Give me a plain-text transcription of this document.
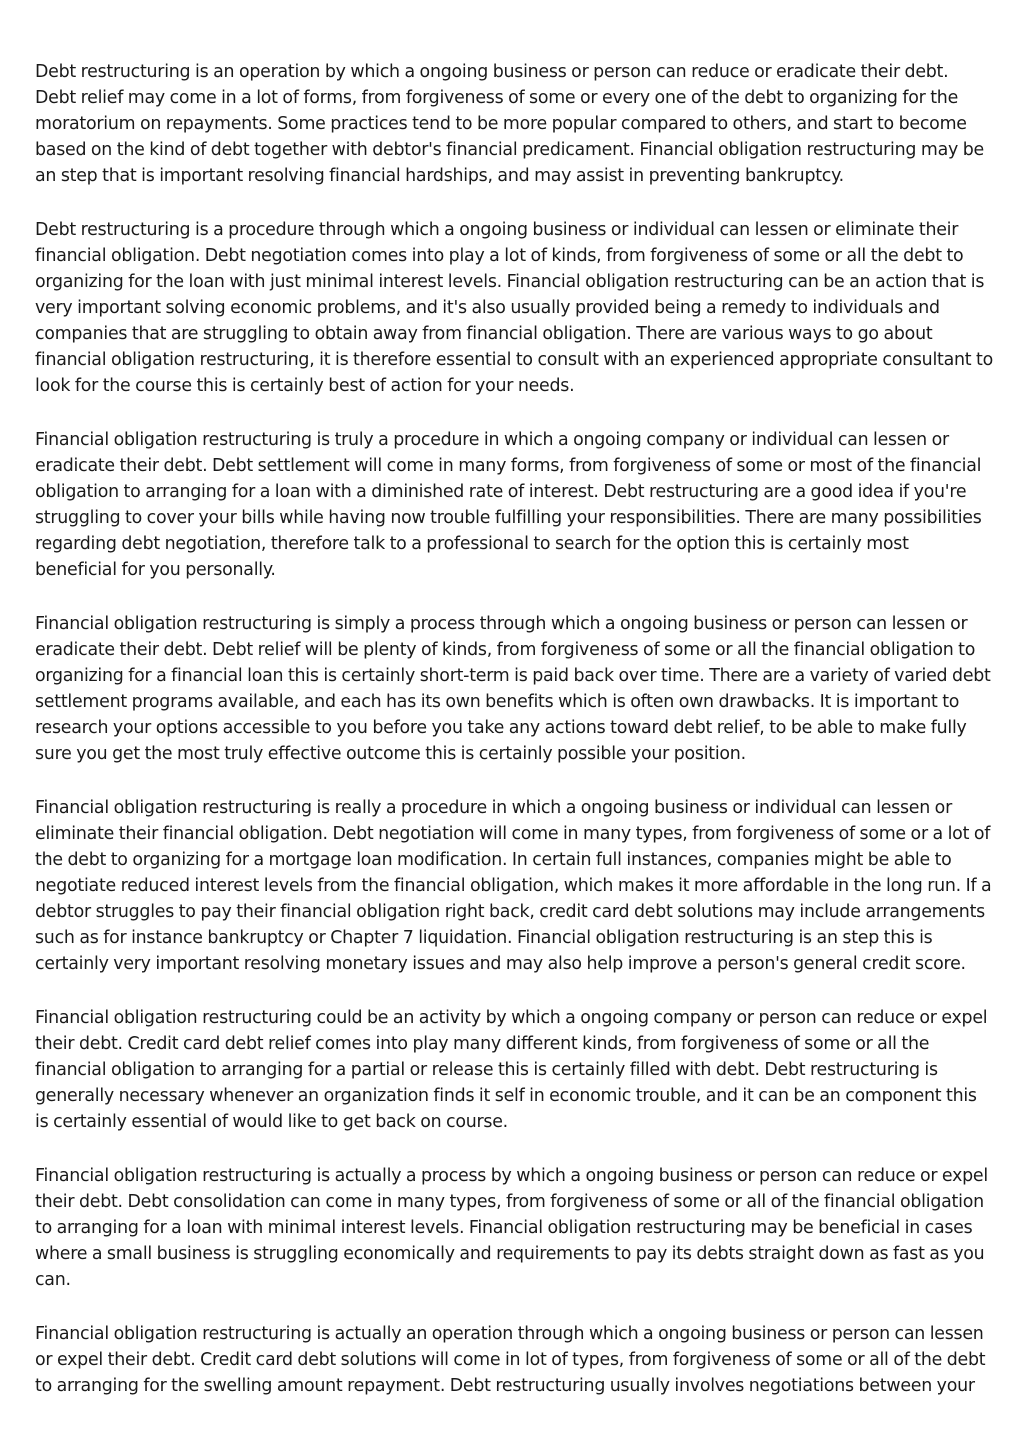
Debt restructuring is an operation by which a ongoing business or person can reduce or eradicate their debt. Debt relief may come in a lot of forms, from forgiveness of some or every one of the debt to organizing for the moratorium on repayments. Some practices tend to be more popular compared to others, and start to become based on the kind of debt together with debtor's financial predicament. Financial obligation restructuring may be an step that is important resolving financial hardships, and may assist in preventing bankruptcy.

Debt restructuring is a procedure through which a ongoing business or individual can lessen or eliminate their financial obligation. Debt negotiation comes into play a lot of kinds, from forgiveness of some or all the debt to organizing for the loan with just minimal interest levels. Financial obligation restructuring can be an action that is very important solving economic problems, and it's also usually provided being a remedy to individuals and companies that are struggling to obtain away from financial obligation. There are various ways to go about financial obligation restructuring, it is therefore essential to consult with an experienced appropriate consultant to look for the course this is certainly best of action for your needs.

Financial obligation restructuring is truly a procedure in which a ongoing company or individual can lessen or eradicate their debt. Debt settlement will come in many forms, from forgiveness of some or most of the financial obligation to arranging for a loan with a diminished rate of interest. Debt restructuring are a good idea if you're struggling to cover your bills while having now trouble fulfilling your responsibilities. There are many possibilities regarding debt negotiation, therefore talk to a professional to search for the option this is certainly most beneficial for you personally.

Financial obligation restructuring is simply a process through which a ongoing business or person can lessen or eradicate their debt. Debt relief will be plenty of kinds, from forgiveness of some or all the financial obligation to organizing for a financial loan this is certainly short-term is paid back over time. There are a variety of varied debt settlement programs available, and each has its own benefits which is often own drawbacks. It is important to research your options accessible to you before you take any actions toward debt relief, to be able to make fully sure you get the most truly effective outcome this is certainly possible your position.

Financial obligation restructuring is really a procedure in which a ongoing business or individual can lessen or eliminate their financial obligation. Debt negotiation will come in many types, from forgiveness of some or a lot of the debt to organizing for a mortgage loan modification. In certain full instances, companies might be able to negotiate reduced interest levels from the financial obligation, which makes it more affordable in the long run. If a debtor struggles to pay their financial obligation right back, credit card debt solutions may include arrangements such as for instance bankruptcy or Chapter 7 liquidation. Financial obligation restructuring is an step this is certainly very important resolving monetary issues and may also help improve a person's general credit score.

Financial obligation restructuring could be an activity by which a ongoing company or person can reduce or expel their debt. Credit card debt relief comes into play many different kinds, from forgiveness of some or all the financial obligation to arranging for a partial or release this is certainly filled with debt. Debt restructuring is generally necessary whenever an organization finds it self in economic trouble, and it can be an component this is certainly essential of would like to get back on course.

Financial obligation restructuring is actually a process by which a ongoing business or person can reduce or expel their debt. Debt consolidation can come in many types, from forgiveness of some or all of the financial obligation to arranging for a loan with minimal interest levels. Financial obligation restructuring may be beneficial in cases where a small business is struggling economically and requirements to pay its debts straight down as fast as you can.

Financial obligation restructuring is actually an operation through which a ongoing business or person can lessen or expel their debt. Credit card debt solutions will come in lot of types, from forgiveness of some or all of the debt to arranging for the swelling amount repayment. Debt restructuring usually involves negotiations between your
